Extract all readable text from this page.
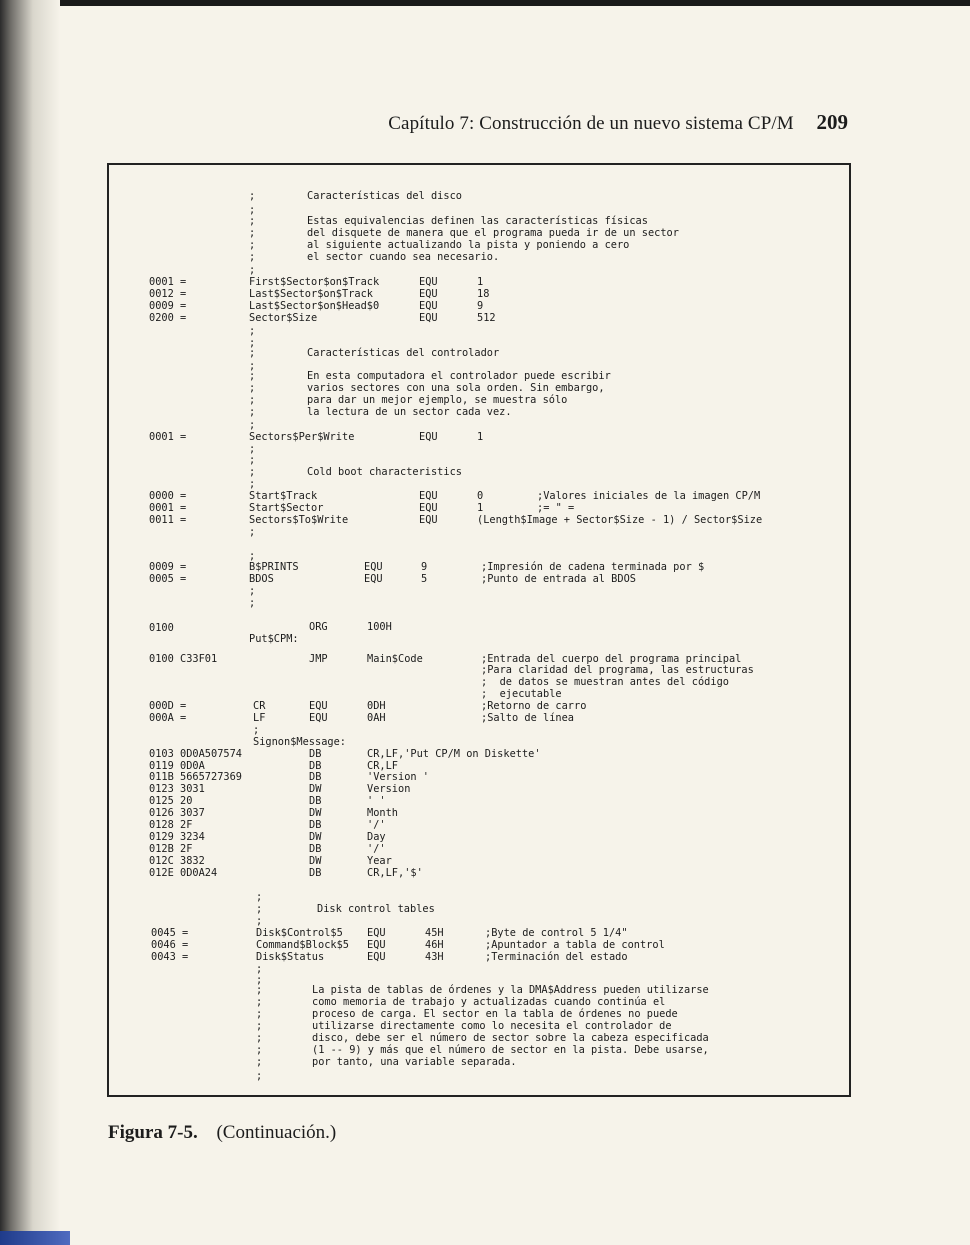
Capítulo 7: Construcción de un nuevo sistema CP/M 209
;	Características del disco
;
;	Estas equivalencias definen las características físicas
;	del disquete de manera que el programa pueda ir de un sector
;	al siguiente actualizando la pista y poniendo a cero
;	el sector cuando sea necesario.
;
0001 =	First$Sector$on$Track	EQU	1
0012 =	Last$Sector$on$Track	EQU	18
0009 =	Last$Sector$on$Head$0	EQU	9
0200 =	Sector$Size	EQU	512
;
;
;	Características del controlador
;
;	En esta computadora el controlador puede escribir
;	varios sectores con una sola orden. Sin embargo,
;	para dar un mejor ejemplo, se muestra sólo
;	la lectura de un sector cada vez.
;
0001 =	Sectors$Per$Write	EQU	1
;
;
;	Cold boot characteristics
;
0000 =	Start$Track	EQU	0	;Valores iniciales de la imagen CP/M
0001 =	Start$Sector	EQU	1	;= " =
0011 =	Sectors$To$Write	EQU	(Length$Image + Sector$Size - 1) / Sector$Size
;
;
0009 =	B$PRINTS	EQU	9	;Impresión de cadena terminada por $
0005 =	BDOS	EQU	5	;Punto de entrada al BDOS
;
;
0100	ORG	100H
Put$CPM:
0100 C33F01	JMP	Main$Code	;Entrada del cuerpo del programa principal
;Para claridad del programa, las estructuras
;  de datos se muestran antes del código
;  ejecutable
000D =	CR	EQU	0DH	;Retorno de carro
000A =	LF	EQU	0AH	;Salto de línea
;
Signon$Message:
0103 0D0A507574	DB	CR,LF,'Put CP/M on Diskette'
0119 0D0A	DB	CR,LF
011B 5665727369	DB	'Version '
0123 3031	DW	Version
0125 20	DB	' '
0126 3037	DW	Month
0128 2F	DB	'/'
0129 3234	DW	Day
012B 2F	DB	'/'
012C 3832	DW	Year
012E 0D0A24	DB	CR,LF,'$'
;
;	Disk control tables
;
0045 =	Disk$Control$5 EQU	45H	;Byte de control 5 1/4"
0046 =	Command$Block$5 EQU	46H	;Apuntador a tabla de control
0043 =	Disk$Status	EQU	43H	;Terminación del estado
;
;
;	La pista de tablas de órdenes y la DMA$Address pueden utilizarse
;	como memoria de trabajo y actualizadas cuando continúa el
;	proceso de carga. El sector en la tabla de órdenes no puede
;	utilizarse directamente como lo necesita el controlador de
;	disco, debe ser el número de sector sobre la cabeza especificada
;	(1 -- 9) y más que el número de sector en la pista. Debe usarse,
;	por tanto, una variable separada.
;
Figura 7-5. (Continuación.)
